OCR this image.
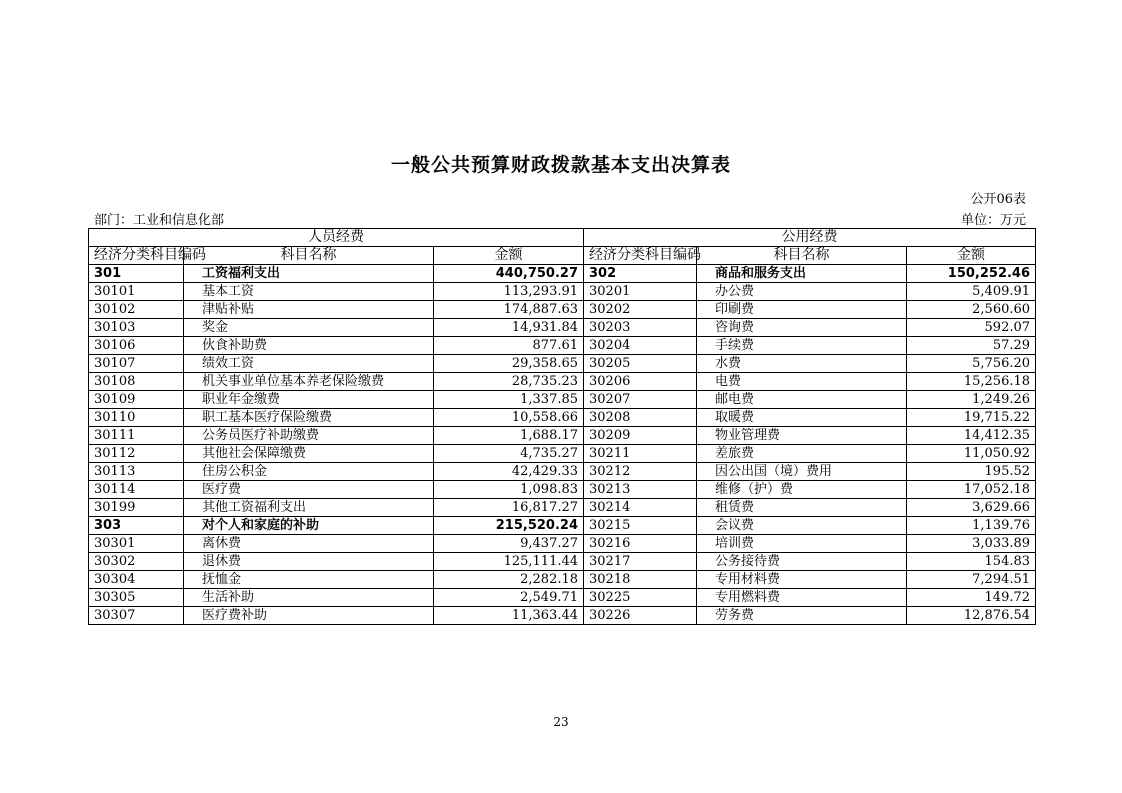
一般公共预算财政拨款基本支出决算表
公开06表
部门：工业和信息化部	单位：万元
人员经费			公用经费		
经济分类科目编码	科目名称	金额	经济分类科目编码	科目名称	金额
301	工资福利支出	440,750.27	302	商品和服务支出	150,252.46
30101	基本工资	113,293.91	30201	办公费	5,409.91
30102	津贴补贴	174,887.63	30202	印刷费	2,560.60
30103	奖金	14,931.84	30203	咨询费	592.07
30106	伙食补助费	877.61	30204	手续费	57.29
30107	绩效工资	29,358.65	30205	水费	5,756.20
30108	机关事业单位基本养老保险缴费	28,735.23	30206	电费	15,256.18
30109	职业年金缴费	1,337.85	30207	邮电费	1,249.26
30110	职工基本医疗保险缴费	10,558.66	30208	取暖费	19,715.22
30111	公务员医疗补助缴费	1,688.17	30209	物业管理费	14,412.35
30112	其他社会保障缴费	4,735.27	30211	差旅费	11,050.92
30113	住房公积金	42,429.33	30212	因公出国（境）费用	195.52
30114	医疗费	1,098.83	30213	维修（护）费	17,052.18
30199	其他工资福利支出	16,817.27	30214	租赁费	3,629.66
303	对个人和家庭的补助	215,520.24	30215	会议费	1,139.76
30301	离休费	9,437.27	30216	培训费	3,033.89
30302	退休费	125,111.44	30217	公务接待费	154.83
30304	抚恤金	2,282.18	30218	专用材料费	7,294.51
30305	生活补助	2,549.71	30225	专用燃料费	149.72
30307	医疗费补助	11,363.44	30226	劳务费	12,876.54
23
